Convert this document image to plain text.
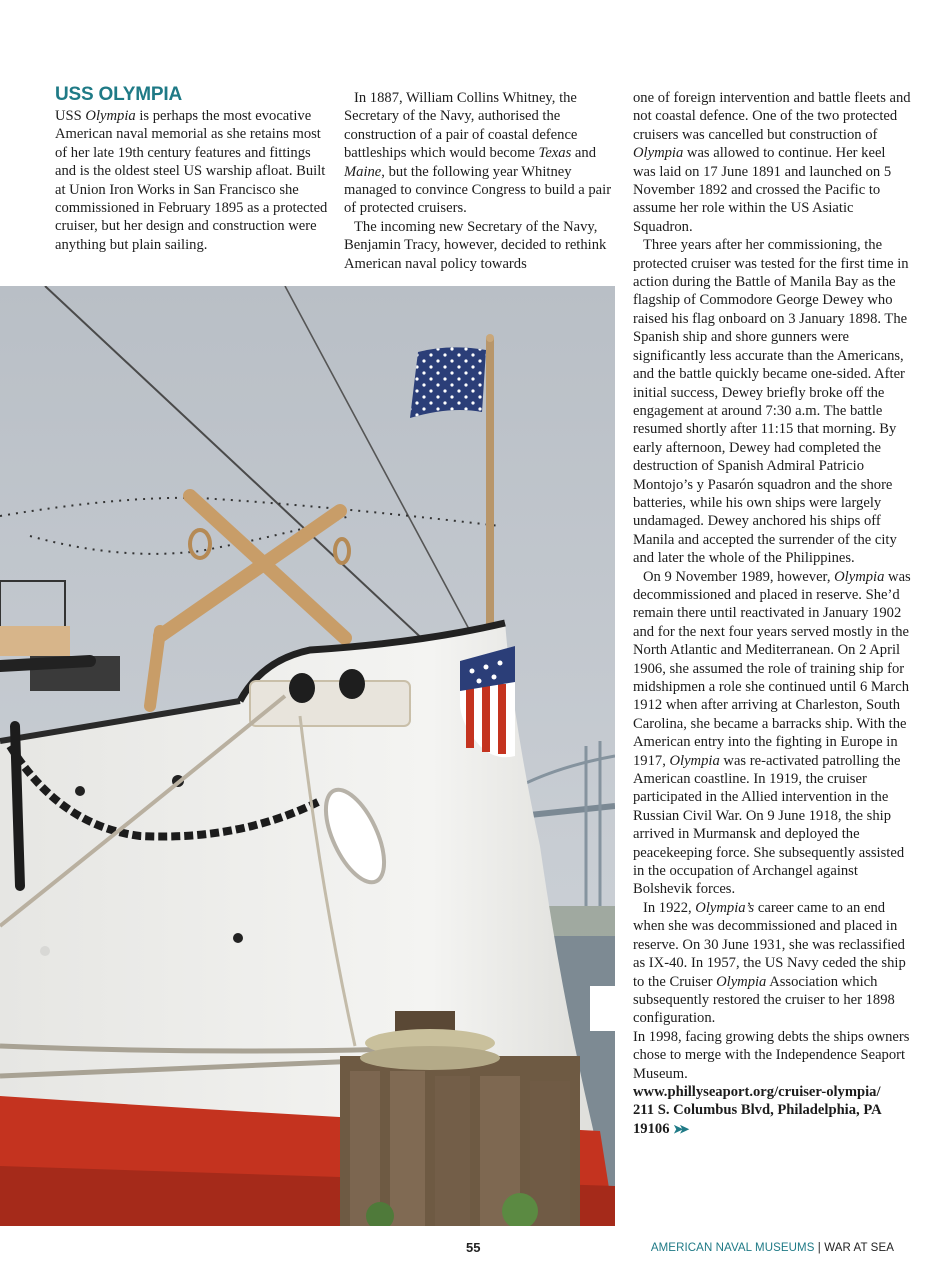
USS OLYMPIA

USS Olympia is perhaps the most evocative American naval memorial as she retains most of her late 19th century features and fittings and is the oldest steel US warship afloat. Built at Union Iron Works in San Francisco she commissioned in February 1895 as a protected cruiser, but her design and construction were anything but plain sailing.

In 1887, William Collins Whitney, the Secretary of the Navy, authorised the construction of a pair of coastal defence battleships which would become Texas and Maine, but the following year Whitney managed to convince Congress to build a pair of protected cruisers.

The incoming new Secretary of the Navy, Benjamin Tracy, however, decided to rethink American naval policy towards

one of foreign intervention and battle fleets and not coastal defence. One of the two protected cruisers was cancelled but construction of Olympia was allowed to continue. Her keel was laid on 17 June 1891 and launched on 5 November 1892 and crossed the Pacific to assume her role within the US Asiatic Squadron.

Three years after her commissioning, the protected cruiser was tested for the first time in action during the Battle of Manila Bay as the flagship of Commodore George Dewey who raised his flag onboard on 3 January 1898. The Spanish ship and shore gunners were significantly less accurate than the Americans, and the battle quickly became one-sided. After initial success, Dewey briefly broke off the engagement at around 7:30 a.m. The battle resumed shortly after 11:15 that morning. By early afternoon, Dewey had completed the destruction of Spanish Admiral Patricio Montojo’s y Pasarón squadron and the shore batteries, while his own ships were largely undamaged. Dewey anchored his ships off Manila and accepted the surrender of the city and later the whole of the Philippines.

On 9 November 1989, however, Olympia was decommissioned and placed in reserve. She’d remain there until reactivated in January 1902 and for the next four years served mostly in the North Atlantic and Mediterranean. On 2 April 1906, she assumed the role of training ship for midshipmen a role she continued until 6 March 1912 when after arriving at Charleston, South Carolina, she became a barracks ship. With the American entry into the fighting in Europe in 1917, Olympia was re-activated patrolling the American coastline. In 1919, the cruiser participated in the Allied intervention in the Russian Civil War. On 9 June 1918, the ship arrived in Murmansk and deployed the peacekeeping force. She subsequently assisted in the occupation of Archangel against Bolshevik forces.

In 1922, Olympia’s career came to an end when she was decommissioned and placed in reserve. On 30 June 1931, she was reclassified as IX-40. In 1957, the US Navy ceded the ship to the Cruiser Olympia Association which subsequently restored the cruiser to her 1898 configuration.

In 1998, facing growing debts the ships owners chose to merge with the Independence Seaport Museum.

www.phillyseaport.org/cruiser-olympia/
211 S. Columbus Blvd, Philadelphia, PA 19106 ➤➤

55	AMERICAN NAVAL MUSEUMS | WAR AT SEA
